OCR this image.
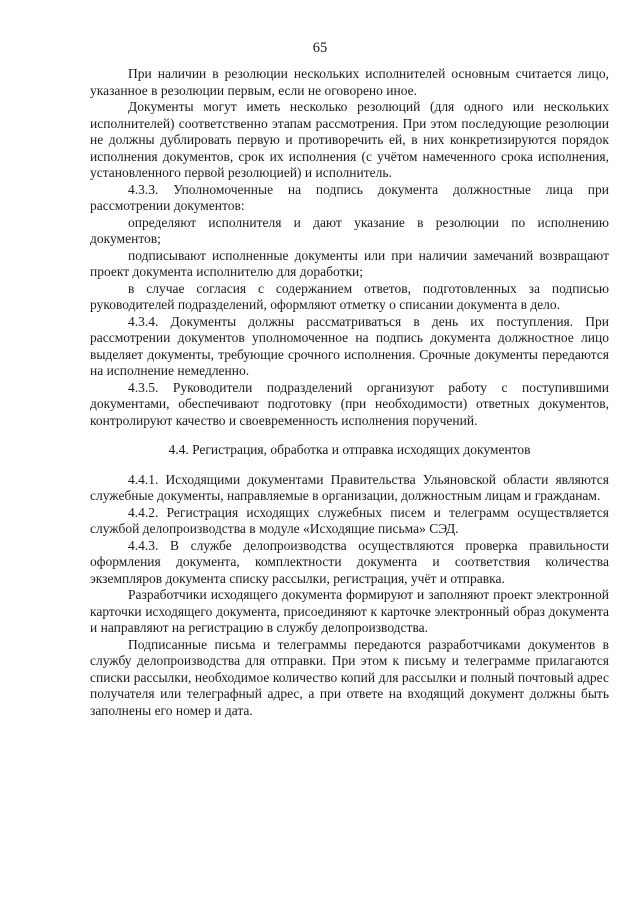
65

При наличии в резолюции нескольких исполнителей основным считается лицо, указанное в резолюции первым, если не оговорено иное.

Документы могут иметь несколько резолюций (для одного или нескольких исполнителей) соответственно этапам рассмотрения. При этом последующие резолюции не должны дублировать первую и противоречить ей, в них конкретизируются порядок исполнения документов, срок их исполнения (с учётом намеченного срока исполнения, установленного первой резолюцией) и исполнитель.

4.3.3. Уполномоченные на подпись документа должностные лица при рассмотрении документов:

определяют исполнителя и дают указание в резолюции по исполнению документов;

подписывают исполненные документы или при наличии замечаний возвращают проект документа исполнителю для доработки;

в случае согласия с содержанием ответов, подготовленных за подписью руководителей подразделений, оформляют отметку о списании документа в дело.

4.3.4. Документы должны рассматриваться в день их поступления. При рассмотрении документов уполномоченное на подпись документа должностное лицо выделяет документы, требующие срочного исполнения. Срочные документы передаются на исполнение немедленно.

4.3.5. Руководители подразделений организуют работу с поступившими документами, обеспечивают подготовку (при необходимости) ответных документов, контролируют качество и своевременность исполнения поручений.

4.4. Регистрация, обработка и отправка исходящих документов

4.4.1. Исходящими документами Правительства Ульяновской области являются служебные документы, направляемые в организации, должностным лицам и гражданам.

4.4.2. Регистрация исходящих служебных писем и телеграмм осуществляется службой делопроизводства в модуле «Исходящие письма» СЭД.

4.4.3. В службе делопроизводства осуществляются проверка правильности оформления документа, комплектности документа и соответствия количества экземпляров документа списку рассылки, регистрация, учёт и отправка.

Разработчики исходящего документа формируют и заполняют проект электронной карточки исходящего документа, присоединяют к карточке электронный образ документа и направляют на регистрацию в службу делопроизводства.

Подписанные письма и телеграммы передаются разработчиками документов в службу делопроизводства для отправки. При этом к письму и телеграмме прилагаются списки рассылки, необходимое количество копий для рассылки и полный почтовый адрес получателя или телеграфный адрес, а при ответе на входящий документ должны быть заполнены его номер и дата.
